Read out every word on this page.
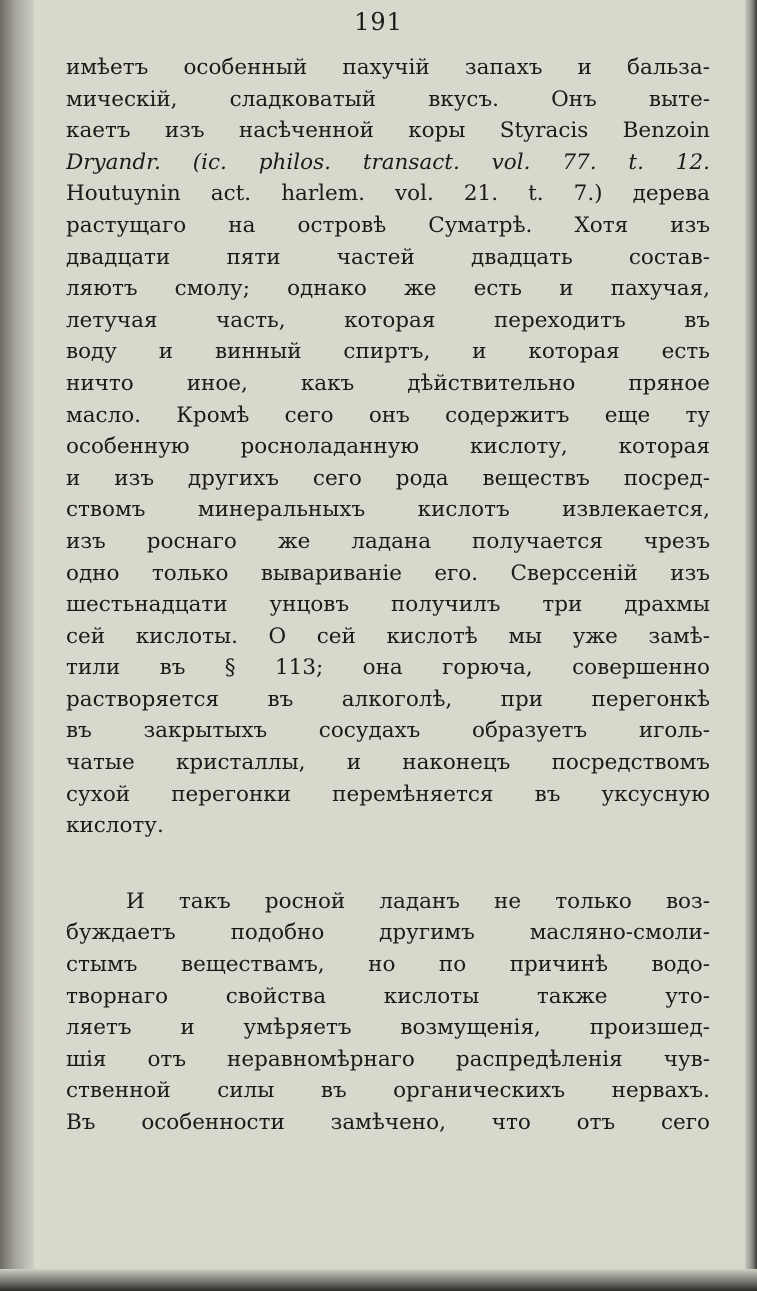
191
имѣетъ особенный пахучій запахъ и бальза-
мическій, сладковатый вкусъ. Онъ выте-
каетъ изъ насѣченной коры Styracis Benzoin
Dryandr. (ic. philos. transact. vol. 77. t. 12.
Houtuynin act. harlem. vol. 21. t. 7.) дерева
растущаго на островѣ Суматрѣ. Хотя изъ
двадцати пяти частей двадцать состав-
ляютъ смолу; однако же есть и пахучая,
летучая часть, которая переходитъ въ
воду и винный спиртъ, и которая есть
ничто иное, какъ дѣйствительно пряное
масло. Кромѣ сего онъ содержитъ еще ту
особенную росноладанную кислоту, которая
и изъ другихъ сего рода веществъ посред-
ствомъ минеральныхъ кислотъ извлекается,
изъ роснаго же ладана получается чрезъ
одно только вывариваніе его. Сверссеній изъ
шестьнадцати унцовъ получилъ три драхмы
сей кислоты. О сей кислотѣ мы уже замѣ-
тили въ § 113; она горюча, совершенно
растворяется въ алкоголѣ, при перегонкѣ
въ закрытыхъ сосудахъ образуетъ иголь-
чатые кристаллы, и наконецъ посредствомъ
сухой перегонки перемѣняется въ уксусную
кислоту.
И такъ росной ладанъ не только воз-
буждаетъ подобно другимъ масляно-смоли-
стымъ веществамъ, но по причинѣ водо-
творнаго свойства кислоты также уто-
ляетъ и умѣряетъ возмущенія, произшед-
шія отъ неравномѣрнаго распредѣленія чув-
ственной силы въ органическихъ нервахъ.
Въ особенности замѣчено, что отъ сего
